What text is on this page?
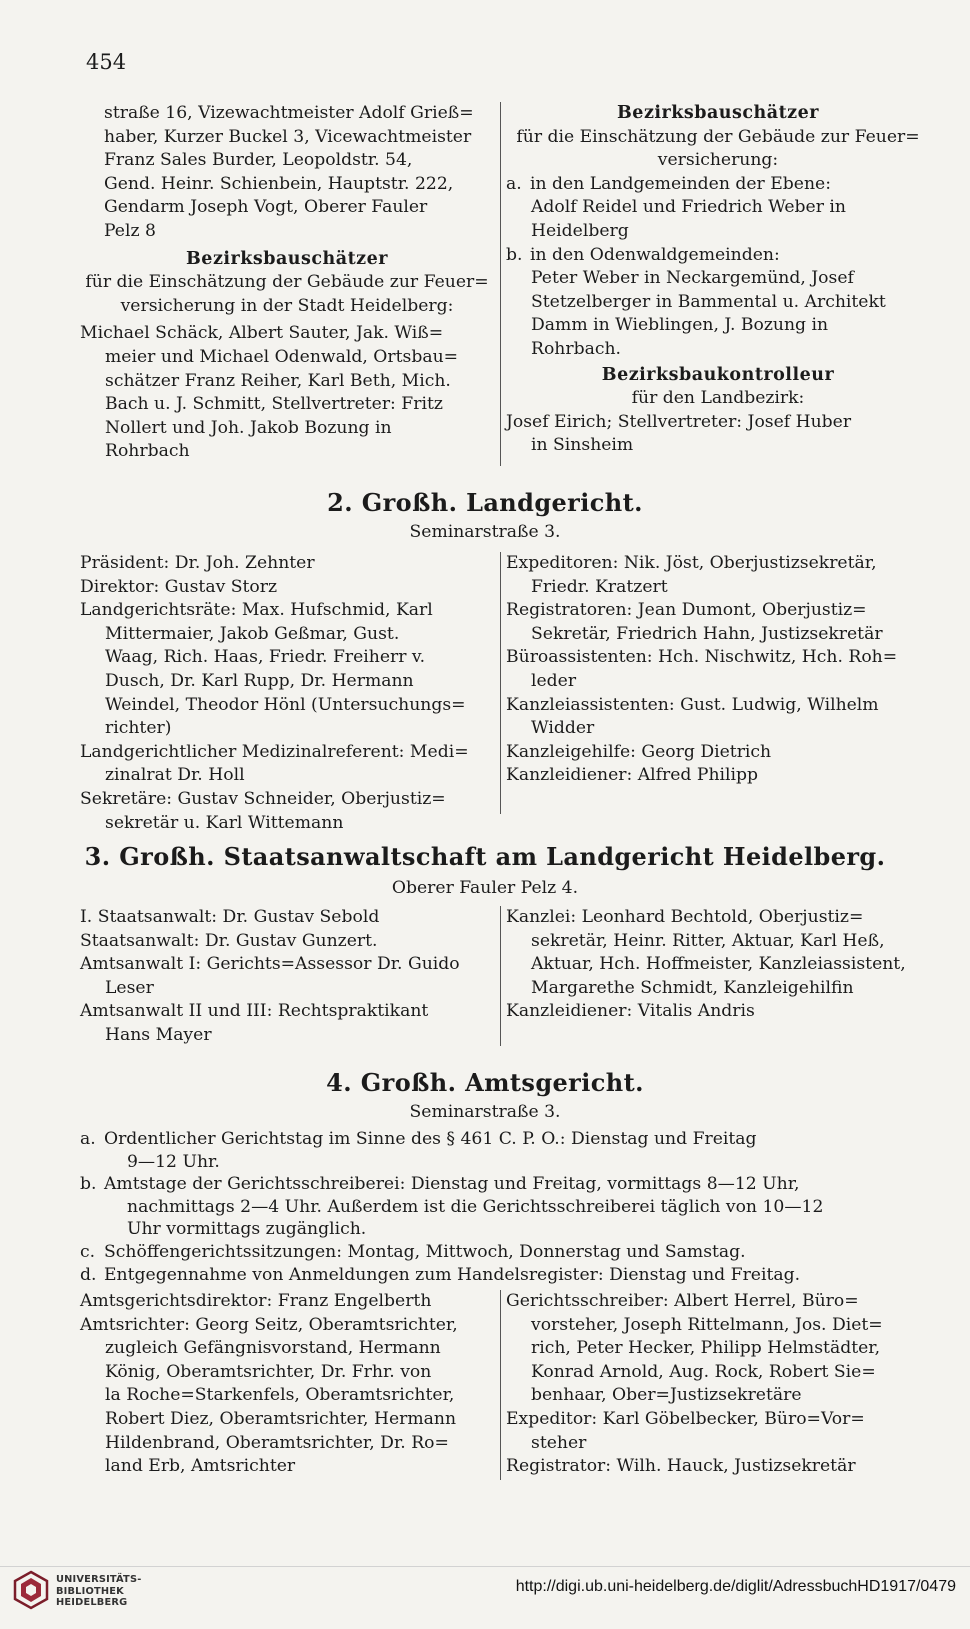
454

straße 16, Vizewachtmeister Adolf Grieß=

haber, Kurzer Buckel 3, Vicewachtmeister

Franz Sales Burder, Leopoldstr. 54,

Gend. Heinr. Schienbein, Hauptstr. 222,

Gendarm Joseph Vogt, Oberer Fauler

Pelz 8

Bezirksbauschätzer

für die Einschätzung der Gebäude zur Feuer=

versicherung in der Stadt Heidelberg:

Michael Schäck, Albert Sauter, Jak. Wiß=

meier und Michael Odenwald, Ortsbau=

schätzer Franz Reiher, Karl Beth, Mich.

Bach u. J. Schmitt, Stellvertreter: Fritz

Nollert und Joh. Jakob Bozung in

Rohrbach

Bezirksbauschätzer

für die Einschätzung der Gebäude zur Feuer=

versicherung:

a. in den Landgemeinden der Ebene:

Adolf Reidel und Friedrich Weber in

Heidelberg

b. in den Odenwaldgemeinden:

Peter Weber in Neckargemünd, Josef

Stetzelberger in Bammental u. Architekt

Damm in Wieblingen, J. Bozung in

Rohrbach.

Bezirksbaukontrolleur

für den Landbezirk:

Josef Eirich; Stellvertreter: Josef Huber

in Sinsheim

2. Großh. Landgericht.
Seminarstraße 3.

Präsident: Dr. Joh. Zehnter

Direktor: Gustav Storz

Landgerichtsräte: Max. Hufschmid, Karl

Mittermaier, Jakob Geßmar, Gust.

Waag, Rich. Haas, Friedr. Freiherr v.

Dusch, Dr. Karl Rupp, Dr. Hermann

Weindel, Theodor Hönl (Untersuchungs=

richter)

Landgerichtlicher Medizinalreferent: Medi=

zinalrat Dr. Holl

Sekretäre: Gustav Schneider, Oberjustiz=

sekretär u. Karl Wittemann

Expeditoren: Nik. Jöst, Oberjustizsekretär,

Friedr. Kratzert

Registratoren: Jean Dumont, Oberjustiz=

Sekretär, Friedrich Hahn, Justizsekretär

Büroassistenten: Hch. Nischwitz, Hch. Roh=

leder

Kanzleiassistenten: Gust. Ludwig, Wilhelm

Widder

Kanzleigehilfe: Georg Dietrich

Kanzleidiener: Alfred Philipp

3. Großh. Staatsanwaltschaft am Landgericht Heidelberg.
Oberer Fauler Pelz 4.

I. Staatsanwalt: Dr. Gustav Sebold

Staatsanwalt: Dr. Gustav Gunzert.

Amtsanwalt I: Gerichts=Assessor Dr. Guido

Leser

Amtsanwalt II und III: Rechtspraktikant

Hans Mayer

Kanzlei: Leonhard Bechtold, Oberjustiz=

sekretär, Heinr. Ritter, Aktuar, Karl Heß,

Aktuar, Hch. Hoffmeister, Kanzleiassistent,

Margarethe Schmidt, Kanzleigehilfin

Kanzleidiener: Vitalis Andris

4. Großh. Amtsgericht.
Seminarstraße 3.

a. Ordentlicher Gerichtstag im Sinne des § 461 C. P. O.: Dienstag und Freitag

9—12 Uhr.

b. Amtstage der Gerichtsschreiberei: Dienstag und Freitag, vormittags 8—12 Uhr,

nachmittags 2—4 Uhr. Außerdem ist die Gerichtsschreiberei täglich von 10—12

Uhr vormittags zugänglich.

c. Schöffengerichtssitzungen: Montag, Mittwoch, Donnerstag und Samstag.

d. Entgegennahme von Anmeldungen zum Handelsregister: Dienstag und Freitag.

Amtsgerichtsdirektor: Franz Engelberth

Amtsrichter: Georg Seitz, Oberamtsrichter,

zugleich Gefängnisvorstand, Hermann

König, Oberamtsrichter, Dr. Frhr. von

la Roche=Starkenfels, Oberamtsrichter,

Robert Diez, Oberamtsrichter, Hermann

Hildenbrand, Oberamtsrichter, Dr. Ro=

land Erb, Amtsrichter

Gerichtsschreiber: Albert Herrel, Büro=

vorsteher, Joseph Rittelmann, Jos. Diet=

rich, Peter Hecker, Philipp Helmstädter,

Konrad Arnold, Aug. Rock, Robert Sie=

benhaar, Ober=Justizsekretäre

Expeditor: Karl Göbelbecker, Büro=Vor=

steher

Registrator: Wilh. Hauck, Justizsekretär

UNIVERSITÄTS-
BIBLIOTHEK
HEIDELBERG
http://digi.ub.uni-heidelberg.de/diglit/AdressbuchHD1917/0479
